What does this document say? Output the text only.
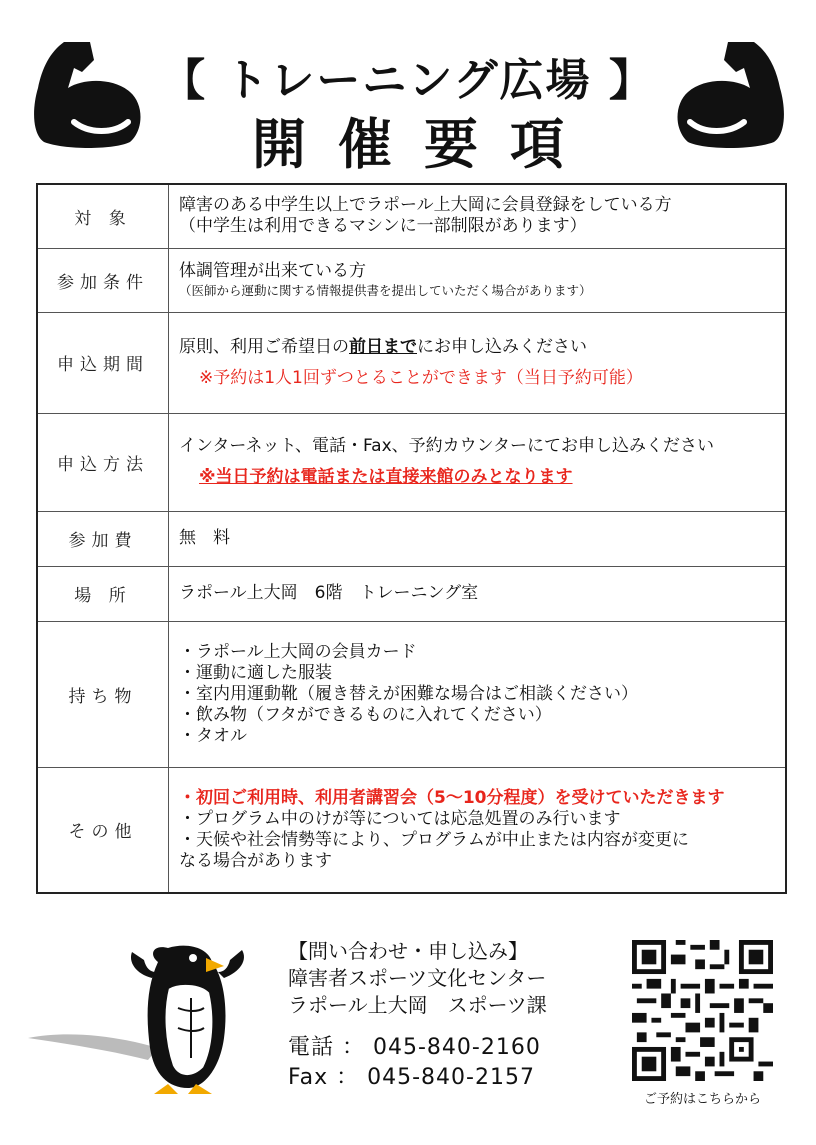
【 トレーニング広場 】
開催要項
対 象	障害のある中学生以上でラポール上大岡に会員登録をしている方
（中学生は利用できるマシンに一部制限があります）

参加条件	体調管理が出来ている方
（医師から運動に関する情報提供書を提出していただく場合があります）

申込期間	原則、利用ご希望日の前日までにお申し込みください
※予約は1人1回ずつとることができます（当日予約可能）

申込方法	インターネット、電話・Fax、予約カウンターにてお申し込みください
※当日予約は電話または直接来館のみとなります

参加費	無　料
場 所	ラポール上大岡　6階　トレーニング室
持ち物	・ラポール上大岡の会員カード
・運動に適した服装
・室内用運動靴（履き替えが困難な場合はご相談ください）
・飲み物（フタができるものに入れてください）
・タオル

その他	・初回ご利用時、利用者講習会（5～10分程度）を受けていただきます
・プログラム中のけが等については応急処置のみ行います
・天候や社会情勢等により、プログラムが中止または内容が変更に
なる場合があります
【問い合わせ・申し込み】
障害者スポーツ文化センター
ラポール上大岡　スポーツ課
電話 ： 045-840-2160
Fax ： 045-840-2157
ご予約はこちらから
